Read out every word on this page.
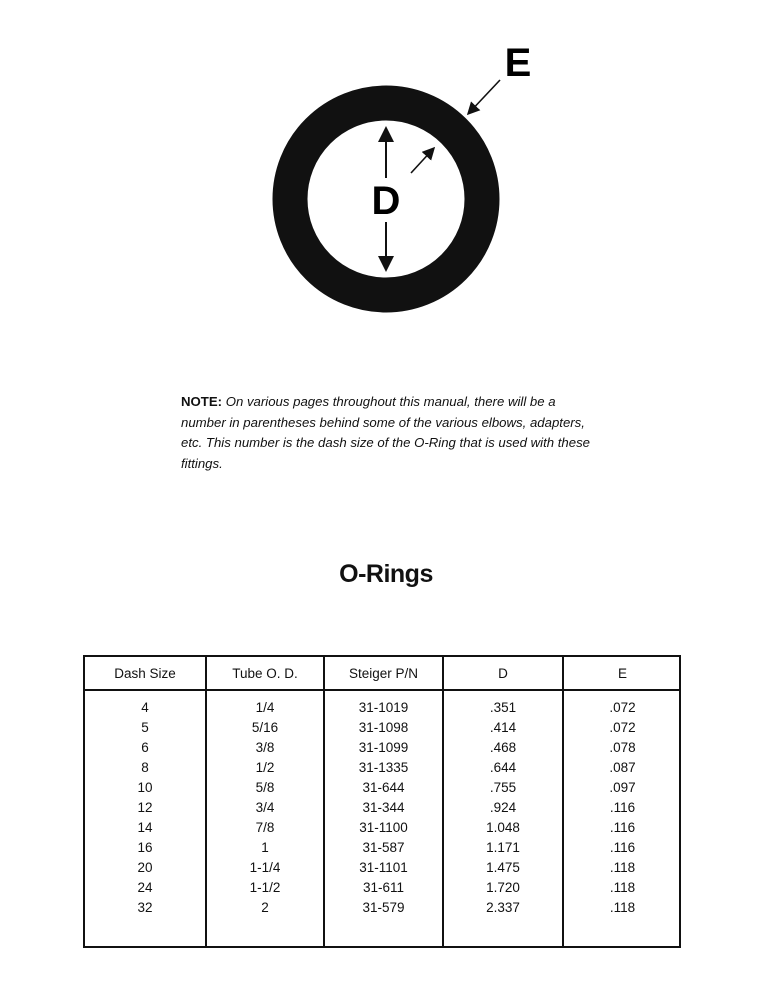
D
E
NOTE: On various pages throughout this manual, there will be a number in parentheses behind some of the various elbows, adapters, etc. This number is the dash size of the O-Ring that is used with these fittings.
O-Rings
Dash Size	Tube O. D.	Steiger P/N	D	E
4	1/4	31-1019	.351	.072
5	5/16	31-1098	.414	.072
6	3/8	31-1099	.468	.078
8	1/2	31-1335	.644	.087
10	5/8	31-644	.755	.097
12	3/4	31-344	.924	.116
14	7/8	31-1100	1.048	.116
16	1	31-587	1.171	.116
20	1-1/4	31-1101	1.475	.118
24	1-1/2	31-611	1.720	.118
32	2	31-579	2.337	.118
